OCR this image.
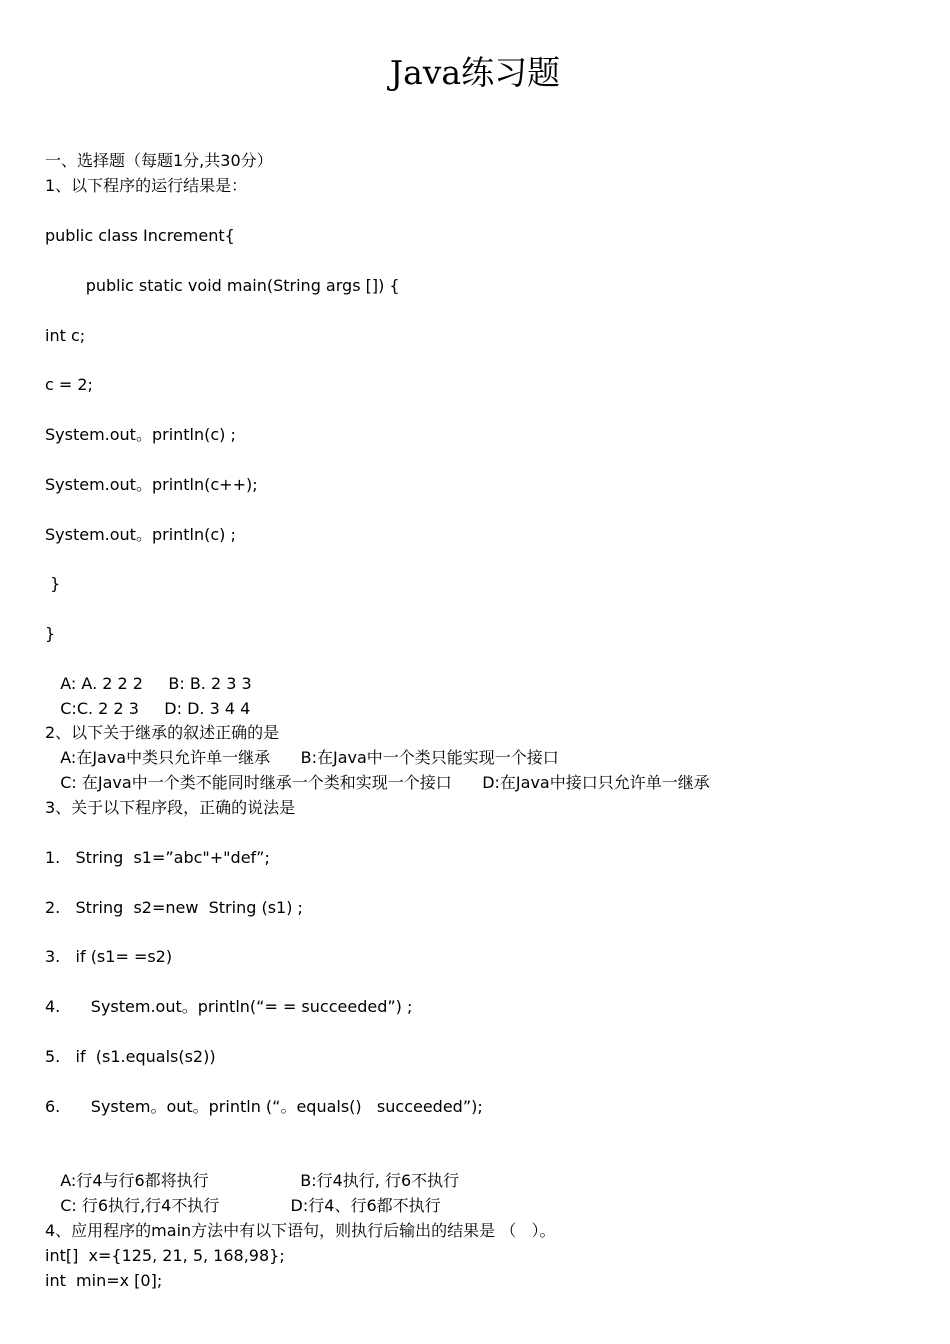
Java练习题
一、选择题（每题1分,共30分）
1、以下程序的运行结果是：
public class Increment{
public static void main(String args []) {
int c;
c = 2;
System.out。println(c) ;
System.out。println(c++);
System.out。println(c) ;
}
}
A: A. 2 2 2     B: B. 2 3 3
C:C. 2 2 3     D: D. 3 4 4
2、以下关于继承的叙述正确的是
A:在Java中类只允许单一继承      B:在Java中一个类只能实现一个接口
C: 在Java中一个类不能同时继承一个类和实现一个接口      D:在Java中接口只允许单一继承
3、关于以下程序段，正确的说法是
1.   String  s1=”abc"+"def”;
2.   String  s2=new  String (s1) ;
3.   if (s1= =s2)
4.      System.out。println(“= = succeeded”) ;
5.   if  (s1.equals(s2))
6.      System。out。println (“。equals()   succeeded”);
A:行4与行6都将执行                  B:行4执行, 行6不执行
C: 行6执行,行4不执行              D:行4、行6都不执行
4、应用程序的main方法中有以下语句，则执行后输出的结果是 （   ）。
int[]  x={125, 21, 5, 168,98};
int  min=x [0];
